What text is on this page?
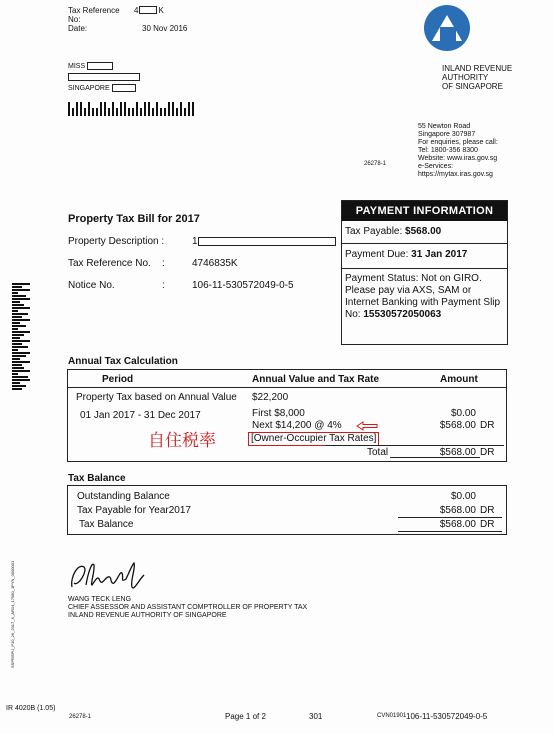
Tax Reference No:
4	K
Date:	30 Nov 2016
MISS
SINGAPORE
INLAND REVENUE
AUTHORITY
OF SINGAPORE
55 Newton Road
Singapore 307987
For enquiries, please call:
Tel: 1800-356 8300
Website: www.iras.gov.sg
e-Services:
https://mytax.iras.gov.sg
26278-1
Property Tax Bill for 2017
Property Description :	1
Tax Reference No. :	4746835K
Notice No.	:	106-11-530572049-0-5
PAYMENT INFORMATION
Tax Payable: $568.00
Payment Due: 31 Jan 2017
Payment Status: Not on GIRO. Please pay via AXS, SAM or Internet Banking with Payment Slip No: 15530572050063
Annual Tax Calculation
Period	Annual Value and Tax Rate	Amount
Property Tax based on Annual Value $22,200
01 Jan 2017 - 31 Dec 2017	First $8,000	$0.00
Next $14,200 @ 4%	$568.00 DR
自住税率	[Owner-Occupier Tax Rates]
Total	$568.00 DR
Tax Balance
Outstanding Balance	$0.00
Tax Payable for Year2017	$568.00 DR
Tax Balance	$568.00 DR
WANG TECK LENG
CHIEF ASSESSOR AND ASSISTANT COMPTROLLER OF PROPERTY TAX
INLAND REVENUE AUTHORITY OF SINGAPORE
SSPRSPU_P10_26_2017_X_AR14_17580_1PYN_0000001
IR 4020B (1.05)
26278-1	Page 1 of 2	301	CVN01901 106-11-530572049-0-5
